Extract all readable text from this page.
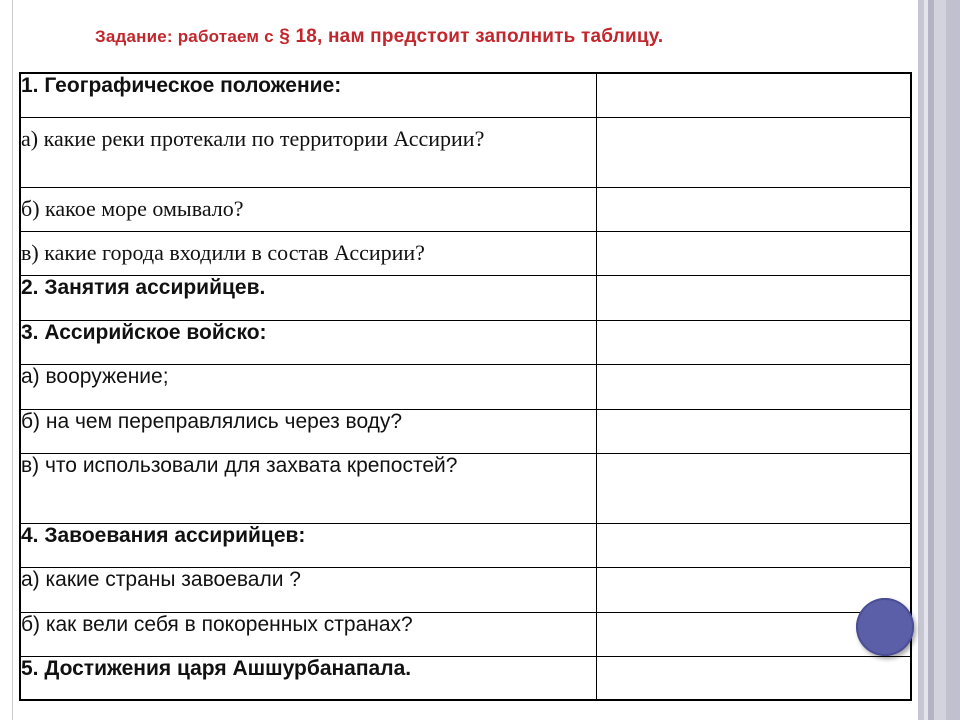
Задание: работаем с § 18, нам предстоит заполнить таблицу.
1. Географическое положение:	
а) какие реки протекали по территории Ассирии?	
б) какое море омывало?	
в) какие города входили в состав Ассирии?	
2. Занятия ассирийцев.	
3. Ассирийское войско:	
а) вооружение;	
б) на чем переправлялись через воду?	
в) что использовали для захвата крепостей?	
4. Завоевания ассирийцев:	
а) какие страны завоевали ?	
б) как вели себя в покоренных странах?	
5. Достижения царя Ашшурбанапала.	
